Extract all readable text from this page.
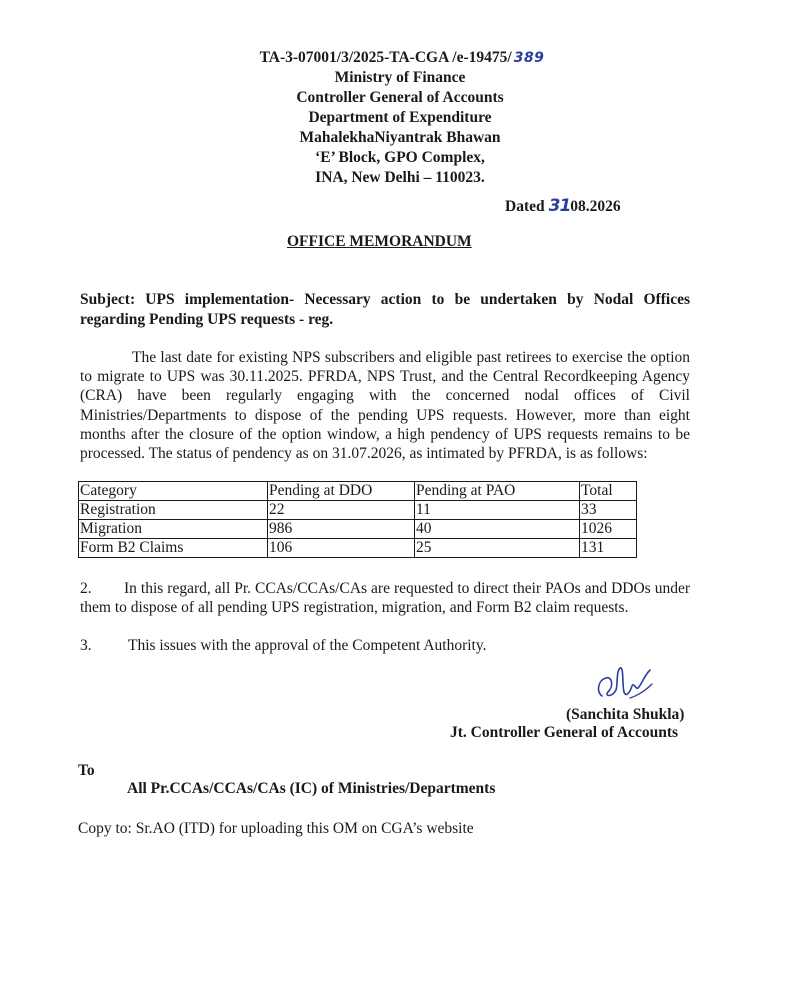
TA-3-07001/3/2025-TA-CGA /e-19475/ 389
Ministry of Finance
Controller General of Accounts
Department of Expenditure
MahalekhaNiyantrak Bhawan
‘E’ Block, GPO Complex,
INA, New Delhi – 110023.
Dated 3108.2026
OFFICE MEMORANDUM
Subject: UPS implementation- Necessary action to be undertaken by Nodal Offices regarding Pending UPS requests - reg.
The last date for existing NPS subscribers and eligible past retirees to exercise the option to migrate to UPS was 30.11.2025. PFRDA, NPS Trust, and the Central Recordkeeping Agency (CRA) have been regularly engaging with the concerned nodal offices of Civil Ministries/Departments to dispose of the pending UPS requests. However, more than eight months after the closure of the option window, a high pendency of UPS requests remains to be processed. The status of pendency as on 31.07.2026, as intimated by PFRDA, is as follows:
Category	Pending at DDO	Pending at PAO	Total
Registration	22	11	33
Migration	986	40	1026
Form B2 Claims	106	25	131
2. In this regard, all Pr. CCAs/CCAs/CAs are requested to direct their PAOs and DDOs under them to dispose of all pending UPS registration, migration, and Form B2 claim requests.
3. This issues with the approval of the Competent Authority.
(Sanchita Shukla)
Jt. Controller General of Accounts
To
All Pr.CCAs/CCAs/CAs (IC) of Ministries/Departments
Copy to: Sr.AO (ITD) for uploading this OM on CGA’s website
